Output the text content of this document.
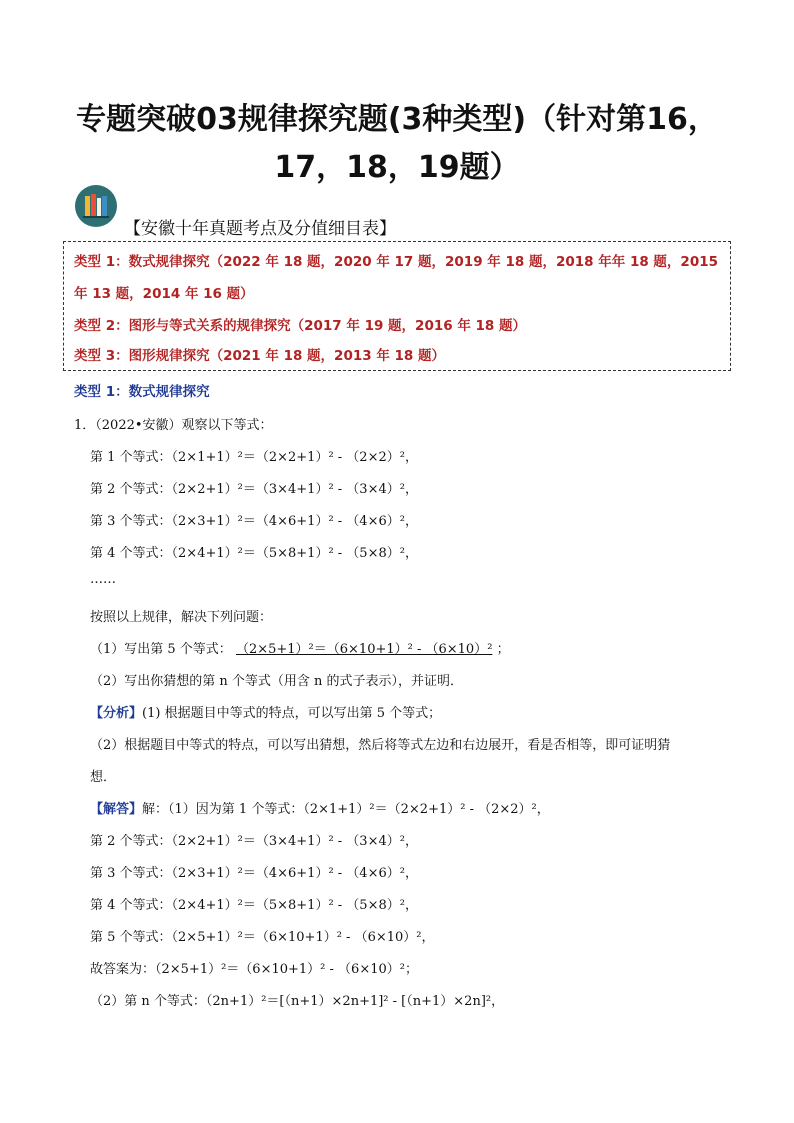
专题突破03规律探究题(3种类型)（针对第16，
17，18，19题）
【安徽十年真题考点及分值细目表】
类型 1：数式规律探究（2022 年 18 题，2020 年 17 题，2019 年 18 题，2018 年年 18 题，2015
年 13 题，2014 年 16 题）
类型 2：图形与等式关系的规律探究（2017 年 19 题，2016 年 18 题）
类型 3：图形规律探究（2021 年 18 题，2013 年 18 题）
类型 1：数式规律探究
1．（2022•安徽）观察以下等式：
第 1 个等式：（2×1+1）²＝（2×2+1）² - （2×2）²，
第 2 个等式：（2×2+1）²＝（3×4+1）² - （3×4）²，
第 3 个等式：（2×3+1）²＝（4×6+1）² - （4×6）²，
第 4 个等式：（2×4+1）²＝（5×8+1）² - （5×8）²，
……
按照以上规律，解决下列问题：
（1）写出第 5 个等式： （2×5+1）²＝（6×10+1）² - （6×10）² ；
（2）写出你猜想的第 n 个等式（用含 n 的式子表示），并证明．
【分析】(1) 根据题目中等式的特点，可以写出第 5 个等式；
（2）根据题目中等式的特点，可以写出猜想，然后将等式左边和右边展开，看是否相等，即可证明猜
想．
【解答】解：（1）因为第 1 个等式：（2×1+1）²＝（2×2+1）² - （2×2）²，
第 2 个等式：（2×2+1）²＝（3×4+1）² - （3×4）²，
第 3 个等式：（2×3+1）²＝（4×6+1）² - （4×6）²，
第 4 个等式：（2×4+1）²＝（5×8+1）² - （5×8）²，
第 5 个等式：（2×5+1）²＝（6×10+1）² - （6×10）²，
故答案为：（2×5+1）²＝（6×10+1）² - （6×10）²；
（2）第 n 个等式：（2n+1）²＝[（n+1）×2n+1]² - [（n+1）×2n]²，
